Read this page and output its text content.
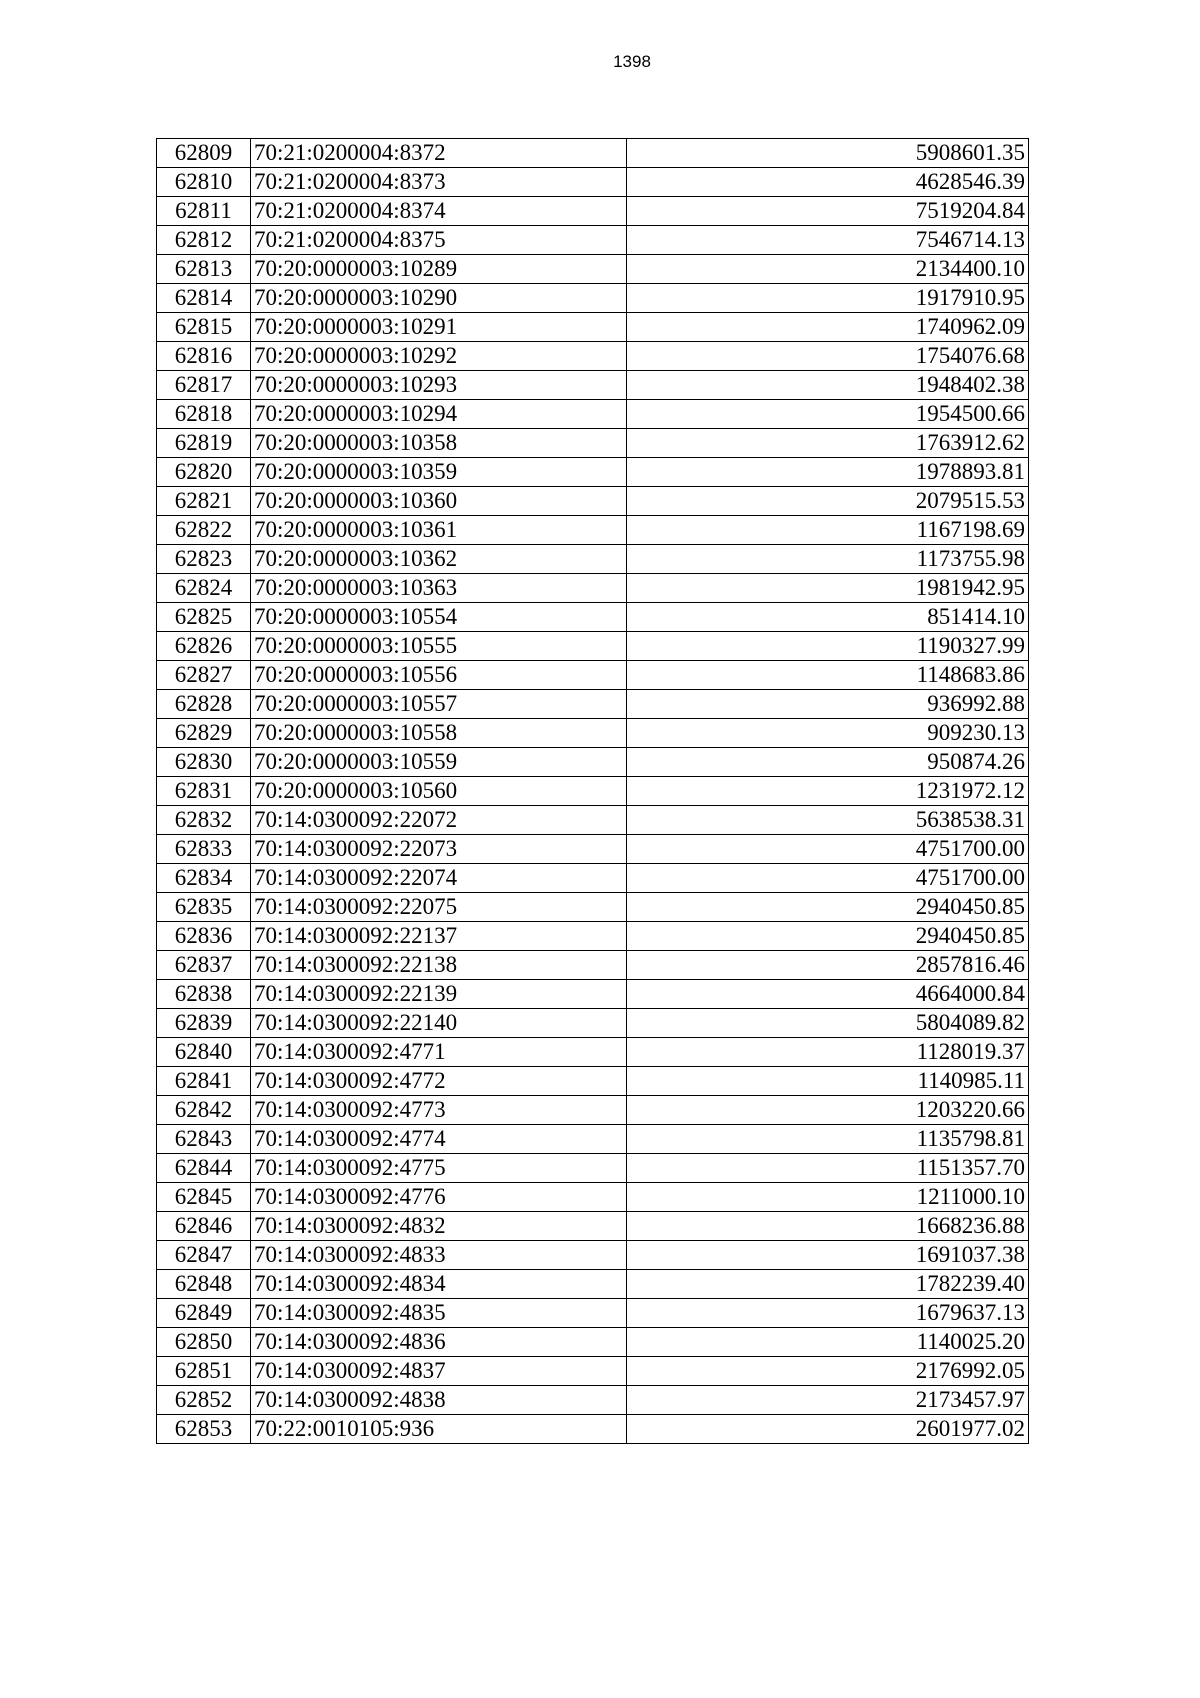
1398
62809	70:21:0200004:8372	5908601.35
62810	70:21:0200004:8373	4628546.39
62811	70:21:0200004:8374	7519204.84
62812	70:21:0200004:8375	7546714.13
62813	70:20:0000003:10289	2134400.10
62814	70:20:0000003:10290	1917910.95
62815	70:20:0000003:10291	1740962.09
62816	70:20:0000003:10292	1754076.68
62817	70:20:0000003:10293	1948402.38
62818	70:20:0000003:10294	1954500.66
62819	70:20:0000003:10358	1763912.62
62820	70:20:0000003:10359	1978893.81
62821	70:20:0000003:10360	2079515.53
62822	70:20:0000003:10361	1167198.69
62823	70:20:0000003:10362	1173755.98
62824	70:20:0000003:10363	1981942.95
62825	70:20:0000003:10554	851414.10
62826	70:20:0000003:10555	1190327.99
62827	70:20:0000003:10556	1148683.86
62828	70:20:0000003:10557	936992.88
62829	70:20:0000003:10558	909230.13
62830	70:20:0000003:10559	950874.26
62831	70:20:0000003:10560	1231972.12
62832	70:14:0300092:22072	5638538.31
62833	70:14:0300092:22073	4751700.00
62834	70:14:0300092:22074	4751700.00
62835	70:14:0300092:22075	2940450.85
62836	70:14:0300092:22137	2940450.85
62837	70:14:0300092:22138	2857816.46
62838	70:14:0300092:22139	4664000.84
62839	70:14:0300092:22140	5804089.82
62840	70:14:0300092:4771	1128019.37
62841	70:14:0300092:4772	1140985.11
62842	70:14:0300092:4773	1203220.66
62843	70:14:0300092:4774	1135798.81
62844	70:14:0300092:4775	1151357.70
62845	70:14:0300092:4776	1211000.10
62846	70:14:0300092:4832	1668236.88
62847	70:14:0300092:4833	1691037.38
62848	70:14:0300092:4834	1782239.40
62849	70:14:0300092:4835	1679637.13
62850	70:14:0300092:4836	1140025.20
62851	70:14:0300092:4837	2176992.05
62852	70:14:0300092:4838	2173457.97
62853	70:22:0010105:936	2601977.02
